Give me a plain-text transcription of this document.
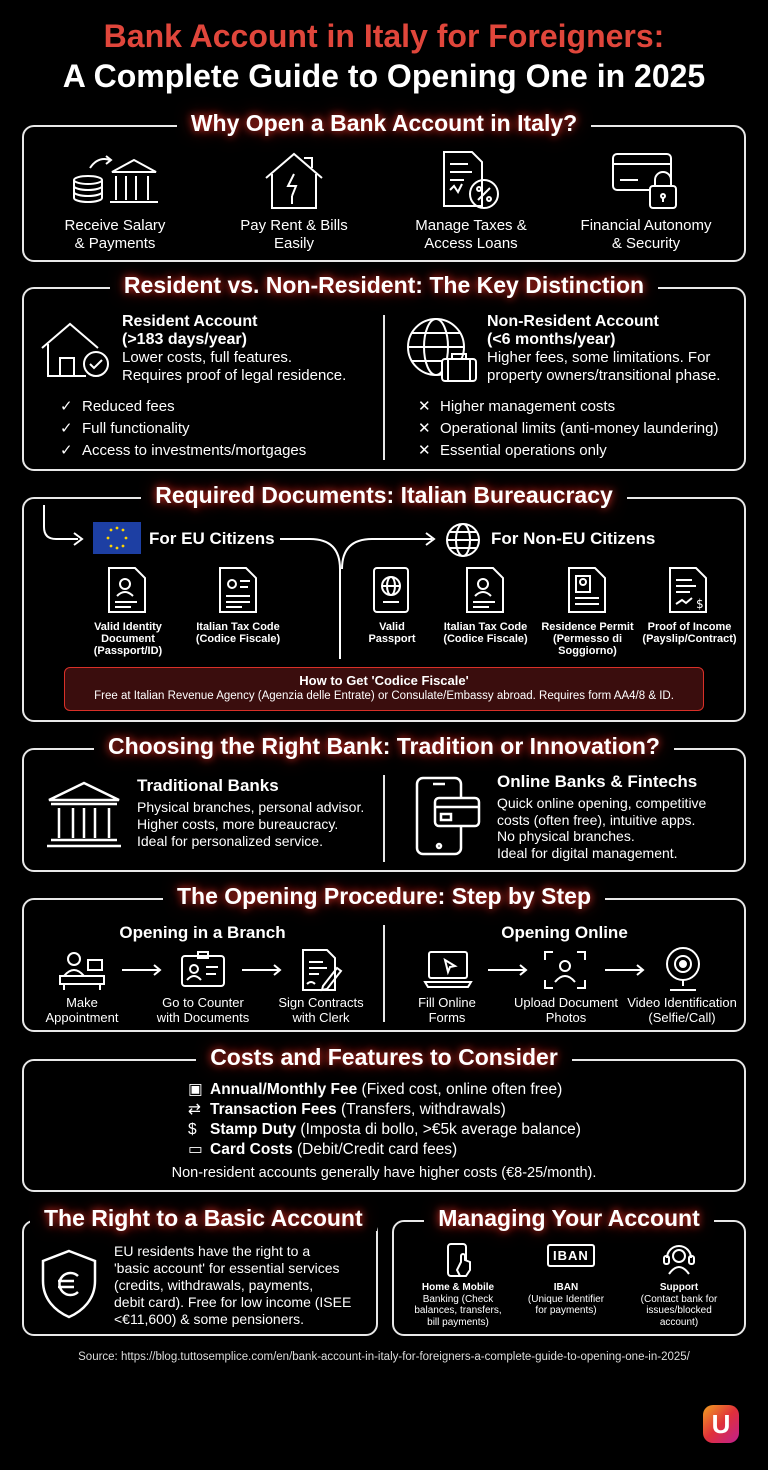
Bank Account in Italy for Foreigners:
A Complete Guide to Opening One in 2025
Why Open a Bank Account in Italy?
Receive Salary
& Payments
Pay Rent & Bills
Easily
Manage Taxes &
Access Loans
Financial Autonomy
& Security
Resident vs. Non-Resident: The Key Distinction
Resident Account
(>183 days/year)
Lower costs, full features.
Requires proof of legal residence.
✓ Reduced fees
✓ Full functionality
✓ Access to investments/mortgages
Non-Resident Account
(<6 months/year)
Higher fees, some limitations. For
property owners/transitional phase.
✕ Higher management costs
✕ Operational limits (anti-money laundering)
✕ Essential operations only
Required Documents: Italian Bureaucracy
For EU Citizens	For Non-EU Citizens
$
Valid Identity
Document
(Passport/ID)
Italian Tax Code
(Codice Fiscale)
Valid
Passport
Italian Tax Code
(Codice Fiscale)
Residence Permit
(Permesso di
Soggiorno)
Proof of Income
(Payslip/Contract)
How to Get 'Codice Fiscale'
Free at Italian Revenue Agency (Agenzia delle Entrate) or Consulate/Embassy abroad. Requires form AA4/8 & ID.
Choosing the Right Bank: Tradition or Innovation?
Traditional Banks
Physical branches, personal advisor.
Higher costs, more bureaucracy.
Ideal for personalized service.
Online Banks & Fintechs
Quick online opening, competitive
costs (often free), intuitive apps.
No physical branches.
Ideal for digital management.
The Opening Procedure: Step by Step
Opening in a Branch	Opening Online
Make
Appointment
Go to Counter
with Documents
Sign Contracts
with Clerk
Fill Online
Forms
Upload Document
Photos
Video Identification
(Selfie/Call)
Costs and Features to Consider
▣ Annual/Monthly Fee (Fixed cost, online often free)
⇄ Transaction Fees (Transfers, withdrawals)
$ Stamp Duty (Imposta di bollo, >€5k average balance)
▭ Card Costs (Debit/Credit card fees)
Non-resident accounts generally have higher costs (€8-25/month).
The Right to a Basic Account
EU residents have the right to a
'basic account' for essential services
(credits, withdrawals, payments,
debit card). Free for low income (ISEE
<€11,600) & some pensioners.
Managing Your Account
IBAN
Home & Mobile
Banking (Check
balances, transfers,
bill payments)
IBAN
(Unique Identifier
for payments)
Support
(Contact bank for
issues/blocked
account)
Source: https://blog.tuttosemplice.com/en/bank-account-in-italy-for-foreigners-a-complete-guide-to-opening-one-in-2025/
U
